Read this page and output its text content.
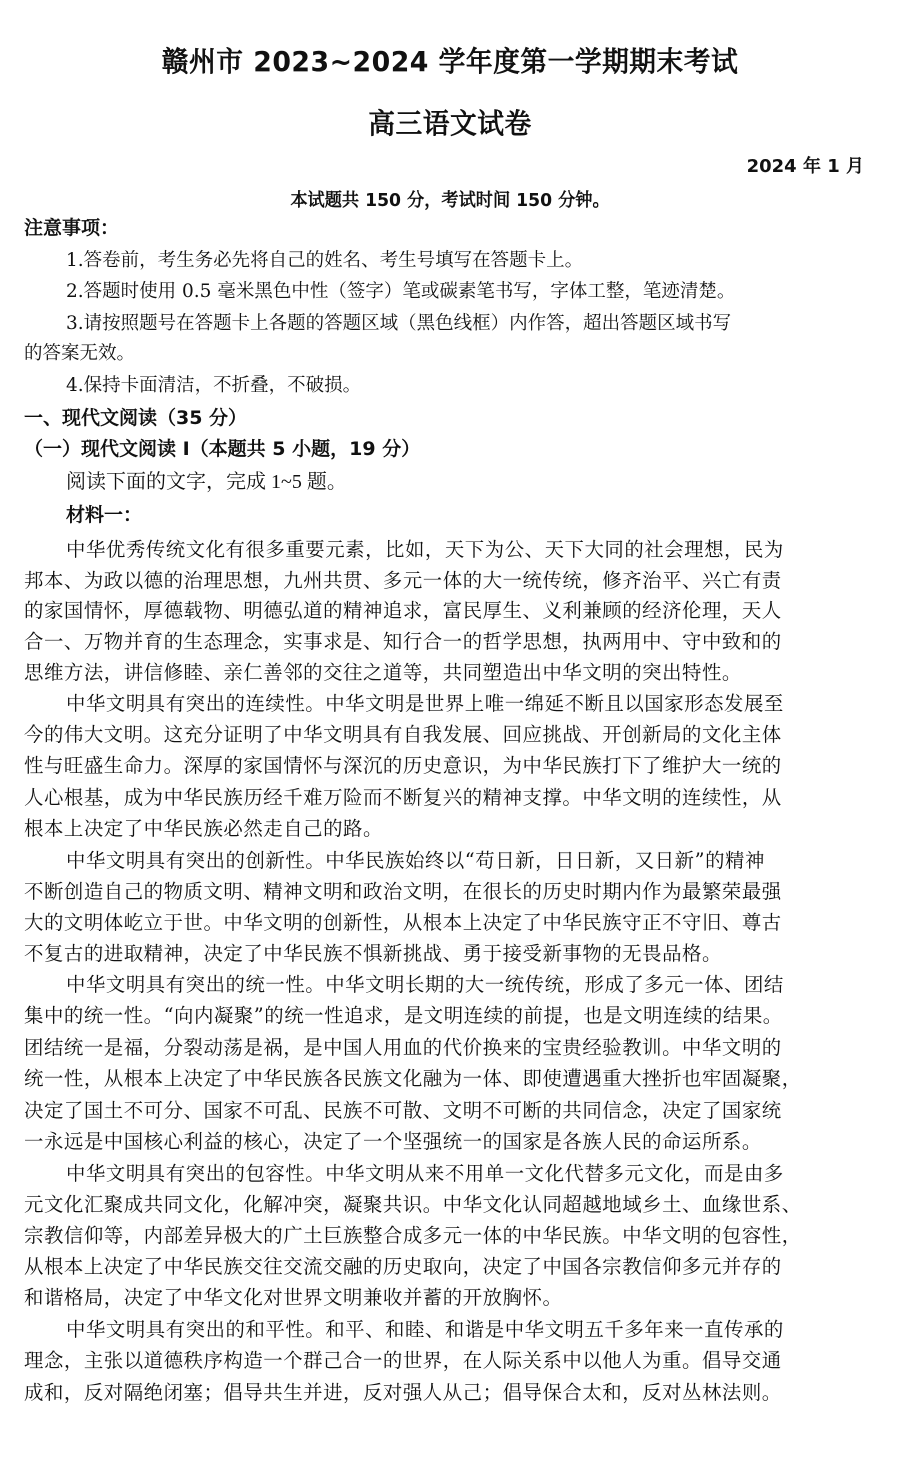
赣州市 2023~2024 学年度第一学期期末考试
高三语文试卷
2024 年 1 月
本试题共 150 分，考试时间 150 分钟。
注意事项：
1.答卷前，考生务必先将自己的姓名、考生号填写在答题卡上。
2.答题时使用 0.5 毫米黑色中性（签字）笔或碳素笔书写，字体工整，笔迹清楚。
3.请按照题号在答题卡上各题的答题区域（黑色线框）内作答，超出答题区域书写
的答案无效。
4.保持卡面清洁，不折叠，不破损。
一、现代文阅读（35 分）
（一）现代文阅读 I（本题共 5 小题，19 分）
阅读下面的文字，完成 1~5 题。
材料一：
中华优秀传统文化有很多重要元素，比如，天下为公、天下大同的社会理想，民为
邦本、为政以德的治理思想，九州共贯、多元一体的大一统传统，修齐治平、兴亡有责
的家国情怀，厚德载物、明德弘道的精神追求，富民厚生、义利兼顾的经济伦理，天人
合一、万物并育的生态理念，实事求是、知行合一的哲学思想，执两用中、守中致和的
思维方法，讲信修睦、亲仁善邻的交往之道等，共同塑造出中华文明的突出特性。
中华文明具有突出的连续性。中华文明是世界上唯一绵延不断且以国家形态发展至
今的伟大文明。这充分证明了中华文明具有自我发展、回应挑战、开创新局的文化主体
性与旺盛生命力。深厚的家国情怀与深沉的历史意识，为中华民族打下了维护大一统的
人心根基，成为中华民族历经千难万险而不断复兴的精神支撑。中华文明的连续性，从
根本上决定了中华民族必然走自己的路。
中华文明具有突出的创新性。中华民族始终以“苟日新，日日新，又日新”的精神
不断创造自己的物质文明、精神文明和政治文明，在很长的历史时期内作为最繁荣最强
大的文明体屹立于世。中华文明的创新性，从根本上决定了中华民族守正不守旧、尊古
不复古的进取精神，决定了中华民族不惧新挑战、勇于接受新事物的无畏品格。
中华文明具有突出的统一性。中华文明长期的大一统传统，形成了多元一体、团结
集中的统一性。“向内凝聚”的统一性追求，是文明连续的前提，也是文明连续的结果。
团结统一是福，分裂动荡是祸，是中国人用血的代价换来的宝贵经验教训。中华文明的
统一性，从根本上决定了中华民族各民族文化融为一体、即使遭遇重大挫折也牢固凝聚，
决定了国土不可分、国家不可乱、民族不可散、文明不可断的共同信念，决定了国家统
一永远是中国核心利益的核心，决定了一个坚强统一的国家是各族人民的命运所系。
中华文明具有突出的包容性。中华文明从来不用单一文化代替多元文化，而是由多
元文化汇聚成共同文化，化解冲突，凝聚共识。中华文化认同超越地域乡土、血缘世系、
宗教信仰等，内部差异极大的广土巨族整合成多元一体的中华民族。中华文明的包容性，
从根本上决定了中华民族交往交流交融的历史取向，决定了中国各宗教信仰多元并存的
和谐格局，决定了中华文化对世界文明兼收并蓄的开放胸怀。
中华文明具有突出的和平性。和平、和睦、和谐是中华文明五千多年来一直传承的
理念，主张以道德秩序构造一个群己合一的世界，在人际关系中以他人为重。倡导交通
成和，反对隔绝闭塞；倡导共生并进，反对强人从己；倡导保合太和，反对丛林法则。
